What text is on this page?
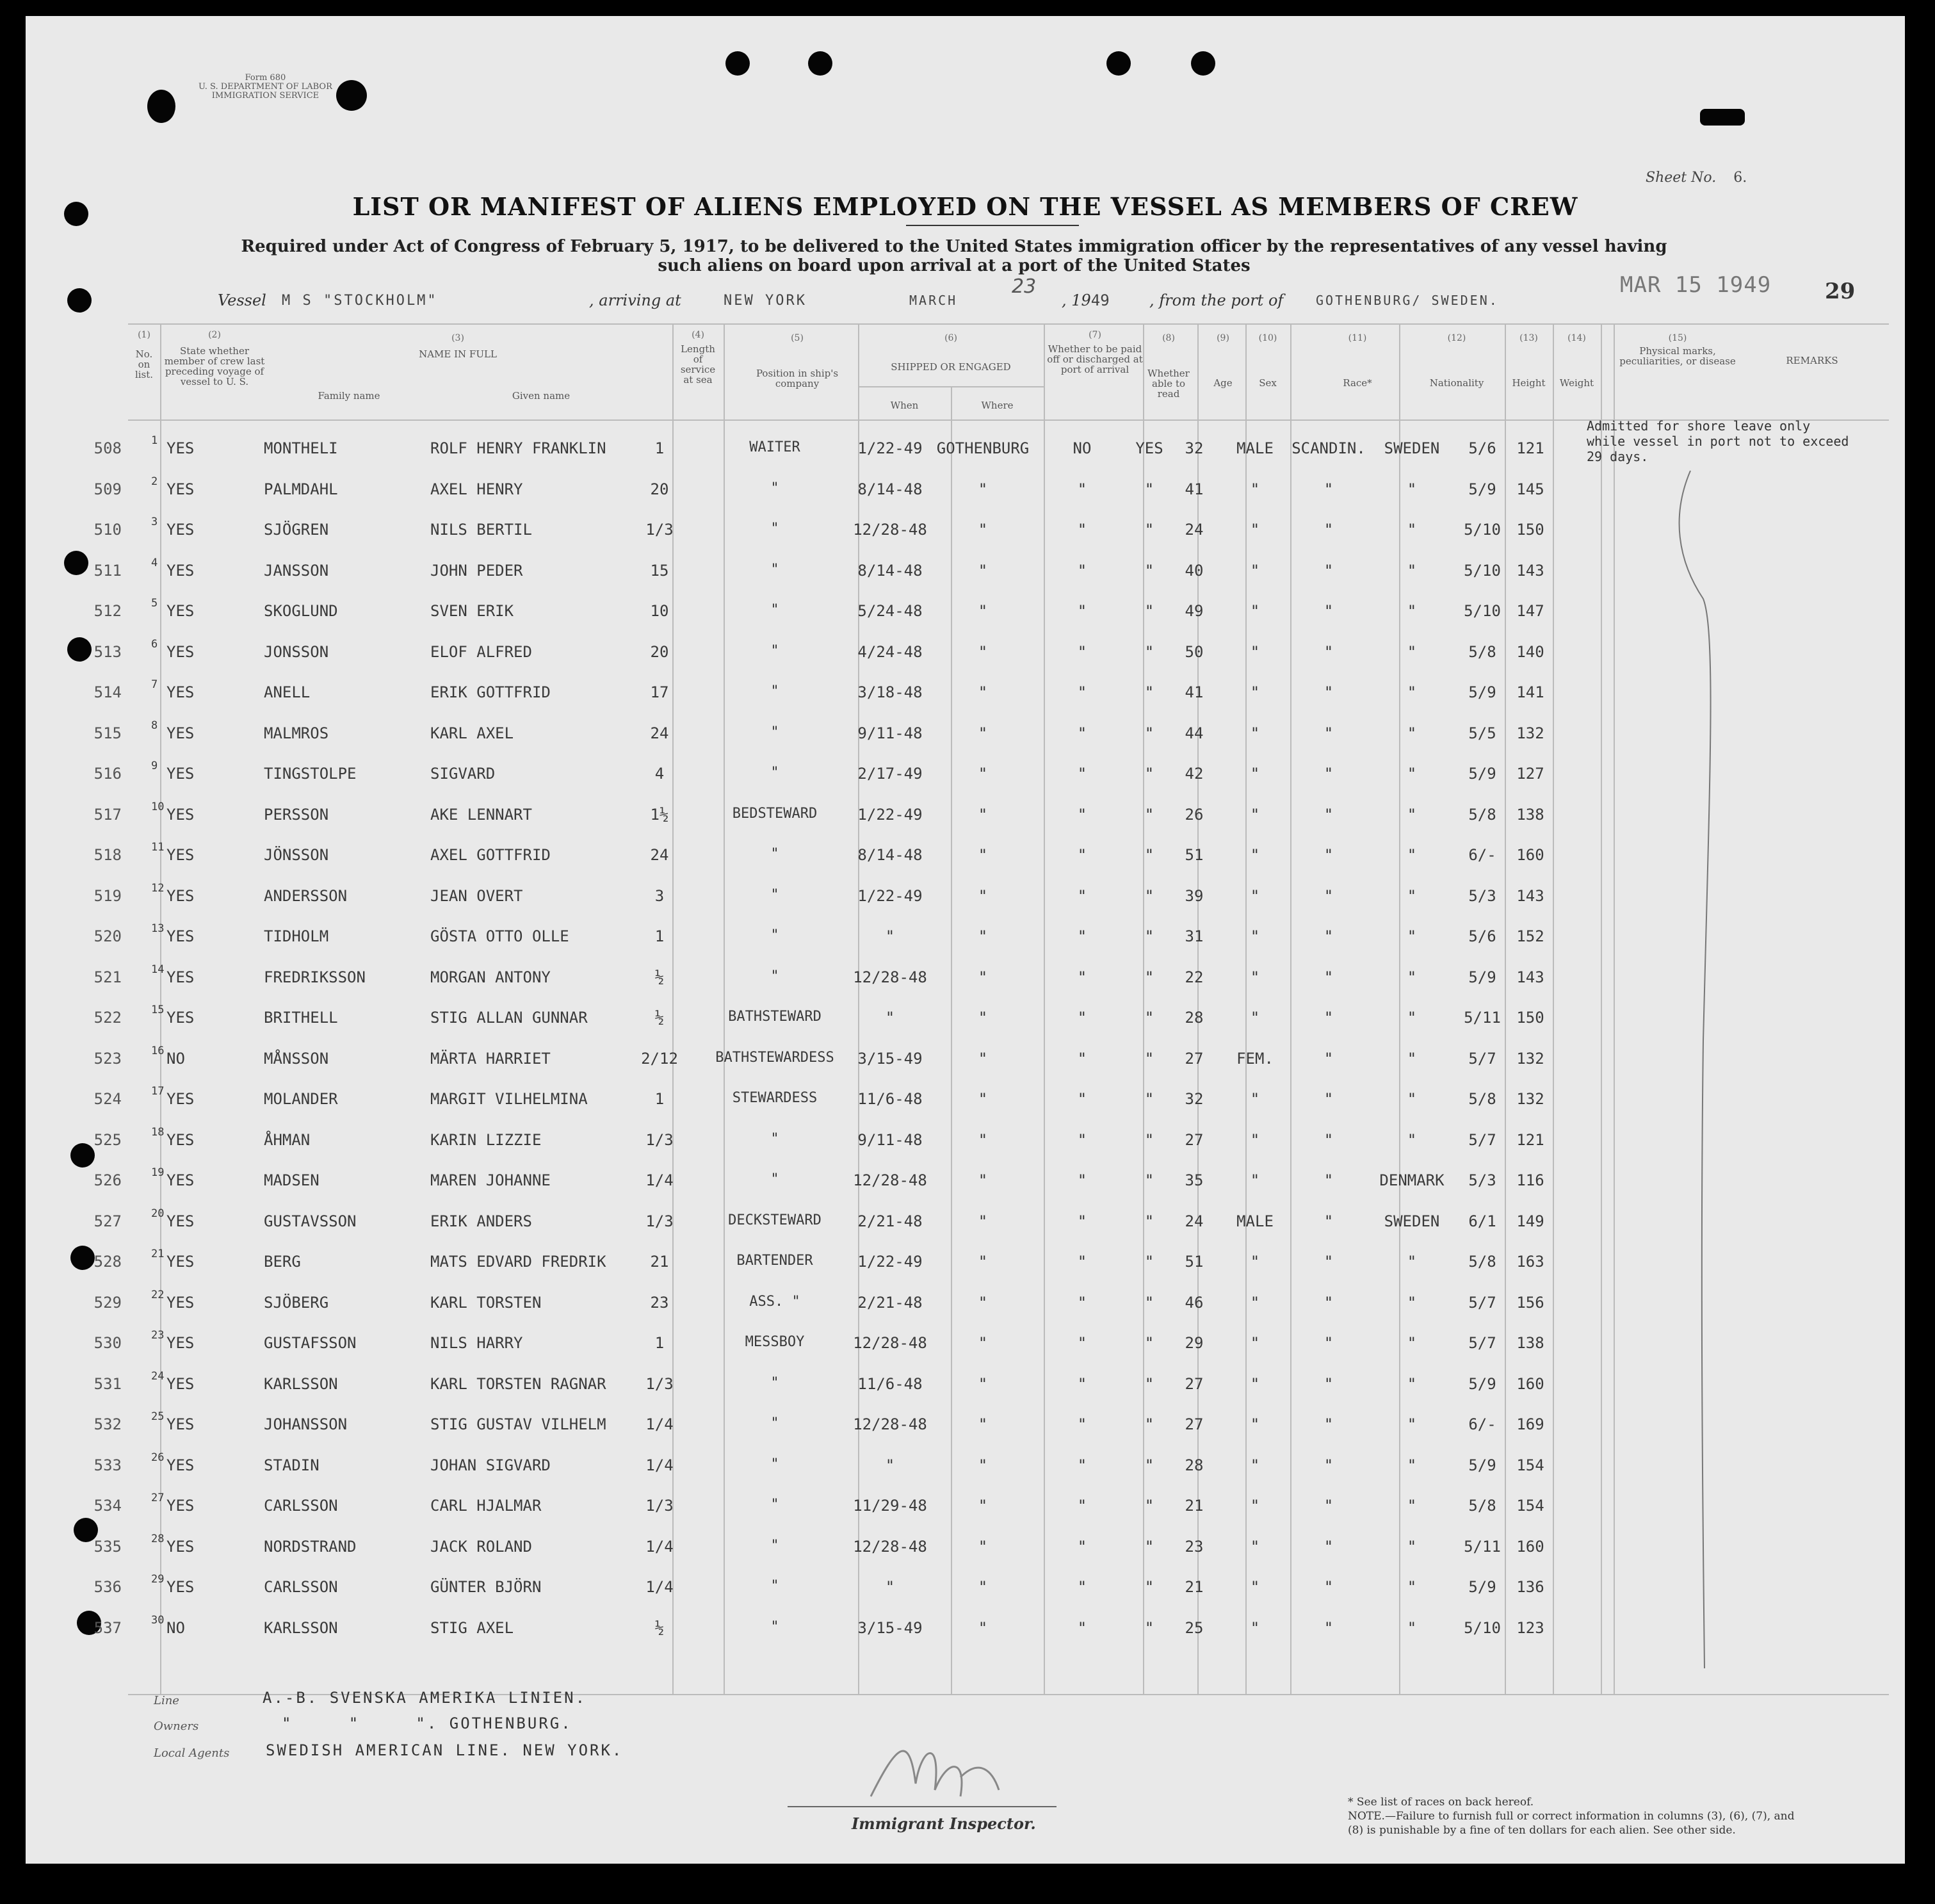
Form 680
U. S. DEPARTMENT OF LABOR
IMMIGRATION SERVICE
Sheet No. 6.
LIST OR MANIFEST OF ALIENS EMPLOYED ON THE VESSEL AS MEMBERS OF CREW
Required under Act of Congress of February 5, 1917, to be delivered to the United States immigration officer by the representatives of any vessel having such aliens on board upon arrival at a port of the United States
Vessel M S "STOCKHOLM"	, arriving at	NEW YORK	MARCH
23
, 1949	, from the port of	GOTHENBURG/ SWEDEN.
MAR 15 1949 29
(1)
No. on list.
(2)
State whether member of crew last preceding voyage of vessel to U. S.
(3)
NAME IN FULL
Family name	Given name
(4)
Length of service at sea
(5)
Position in ship's company
(6)
SHIPPED OR ENGAGED
When	Where
(7)
Whether to be paid off or discharged at port of arrival
(8)
Whether able to read
(9)
Age
(10)
Sex
(11)
Race*
(12)
Nationality
(13)
Height
(14)
Weight
(15)
Physical marks, peculiarities, or disease	REMARKS
508	1 YES	MONTHELI	ROLF HENRY FRANKLIN	1	WAITER	1/22-49 GOTHENBURG	NO	YES	32	MALE	SCANDIN.	SWEDEN	5/6	121
509	2 YES	PALMDAHL	AXEL HENRY	20	"	8/14-48	"	"	"	41	"	"	"	5/9	145
510	3 YES	SJÖGREN	NILS BERTIL	1/3	"	12/28-48	"	"	"	24	"	"	"	5/10	150
511	4 YES	JANSSON	JOHN PEDER	15	"	8/14-48	"	"	"	40	"	"	"	5/10	143
512	5 YES	SKOGLUND	SVEN ERIK	10	"	5/24-48	"	"	"	49	"	"	"	5/10	147
513	6 YES	JONSSON	ELOF ALFRED	20	"	4/24-48	"	"	"	50	"	"	"	5/8	140
514	7 YES	ANELL	ERIK GOTTFRID	17	"	3/18-48	"	"	"	41	"	"	"	5/9	141
515	8 YES	MALMROS	KARL AXEL	24	"	9/11-48	"	"	"	44	"	"	"	5/5	132
516	9 YES	TINGSTOLPE	SIGVARD	4	"	2/17-49	"	"	"	42	"	"	"	5/9	127
517	10 YES	PERSSON	AKE LENNART	1½	BEDSTEWARD	1/22-49	"	"	"	26	"	"	"	5/8	138
518	11 YES	JÖNSSON	AXEL GOTTFRID	24	"	8/14-48	"	"	"	51	"	"	"	6/-	160
519	12 YES	ANDERSSON	JEAN OVERT	3	"	1/22-49	"	"	"	39	"	"	"	5/3	143
520	13 YES	TIDHOLM	GÖSTA OTTO OLLE	1	"	"	"	"	"	31	"	"	"	5/6	152
521	14 YES	FREDRIKSSON	MORGAN ANTONY	½	"	12/28-48	"	"	"	22	"	"	"	5/9	143
522	15 YES	BRITHELL	STIG ALLAN GUNNAR	½	BATHSTEWARD	"	"	"	"	28	"	"	"	5/11	150
523	16 NO	MÅNSSON	MÄRTA HARRIET	2/12	BATHSTEWARDESS	3/15-49	"	"	"	27	FEM.	"	"	5/7	132
524	17 YES	MOLANDER	MARGIT VILHELMINA	1	STEWARDESS	11/6-48	"	"	"	32	"	"	"	5/8	132
525	18 YES	ÅHMAN	KARIN LIZZIE	1/3	"	9/11-48	"	"	"	27	"	"	"	5/7	121
526	19 YES	MADSEN	MAREN JOHANNE	1/4	"	12/28-48	"	"	"	35	"	"	DENMARK	5/3	116
527	20 YES	GUSTAVSSON	ERIK ANDERS	1/3	DECKSTEWARD	2/21-48	"	"	"	24	MALE	"	SWEDEN	6/1	149
528	21 YES	BERG	MATS EDVARD FREDRIK	21	BARTENDER	1/22-49	"	"	"	51	"	"	"	5/8	163
529	22 YES	SJÖBERG	KARL TORSTEN	23	ASS. "	2/21-48	"	"	"	46	"	"	"	5/7	156
530	23 YES	GUSTAFSSON	NILS HARRY	1	MESSBOY	12/28-48	"	"	"	29	"	"	"	5/7	138
531	24 YES	KARLSSON	KARL TORSTEN RAGNAR	1/3	"	11/6-48	"	"	"	27	"	"	"	5/9	160
532	25 YES	JOHANSSON	STIG GUSTAV VILHELM	1/4	"	12/28-48	"	"	"	27	"	"	"	6/-	169
533	26 YES	STADIN	JOHAN SIGVARD	1/4	"	"	"	"	"	28	"	"	"	5/9	154
534	27 YES	CARLSSON	CARL HJALMAR	1/3	"	11/29-48	"	"	"	21	"	"	"	5/8	154
535	28 YES	NORDSTRAND	JACK ROLAND	1/4	"	12/28-48	"	"	"	23	"	"	"	5/11	160
536	29 YES	CARLSSON	GÜNTER BJÖRN	1/4	"	"	"	"	"	21	"	"	"	5/9	136
537	30 NO	KARLSSON	STIG AXEL	½	"	3/15-49	"	"	"	25	"	"	"	5/10	123
Admitted for shore leave only while vessel in port not to exceed 29 days.
Line	A.-B. SVENSKA AMERIKA LINIEN.
Owners	"     "     ". GOTHENBURG.
Local Agents SWEDISH AMERICAN LINE. NEW YORK.
Immigrant Inspector.
* See list of races on back hereof.
NOTE.—Failure to furnish full or correct information in columns (3), (6), (7), and (8) is punishable by a fine of ten dollars for each alien. See other side.
